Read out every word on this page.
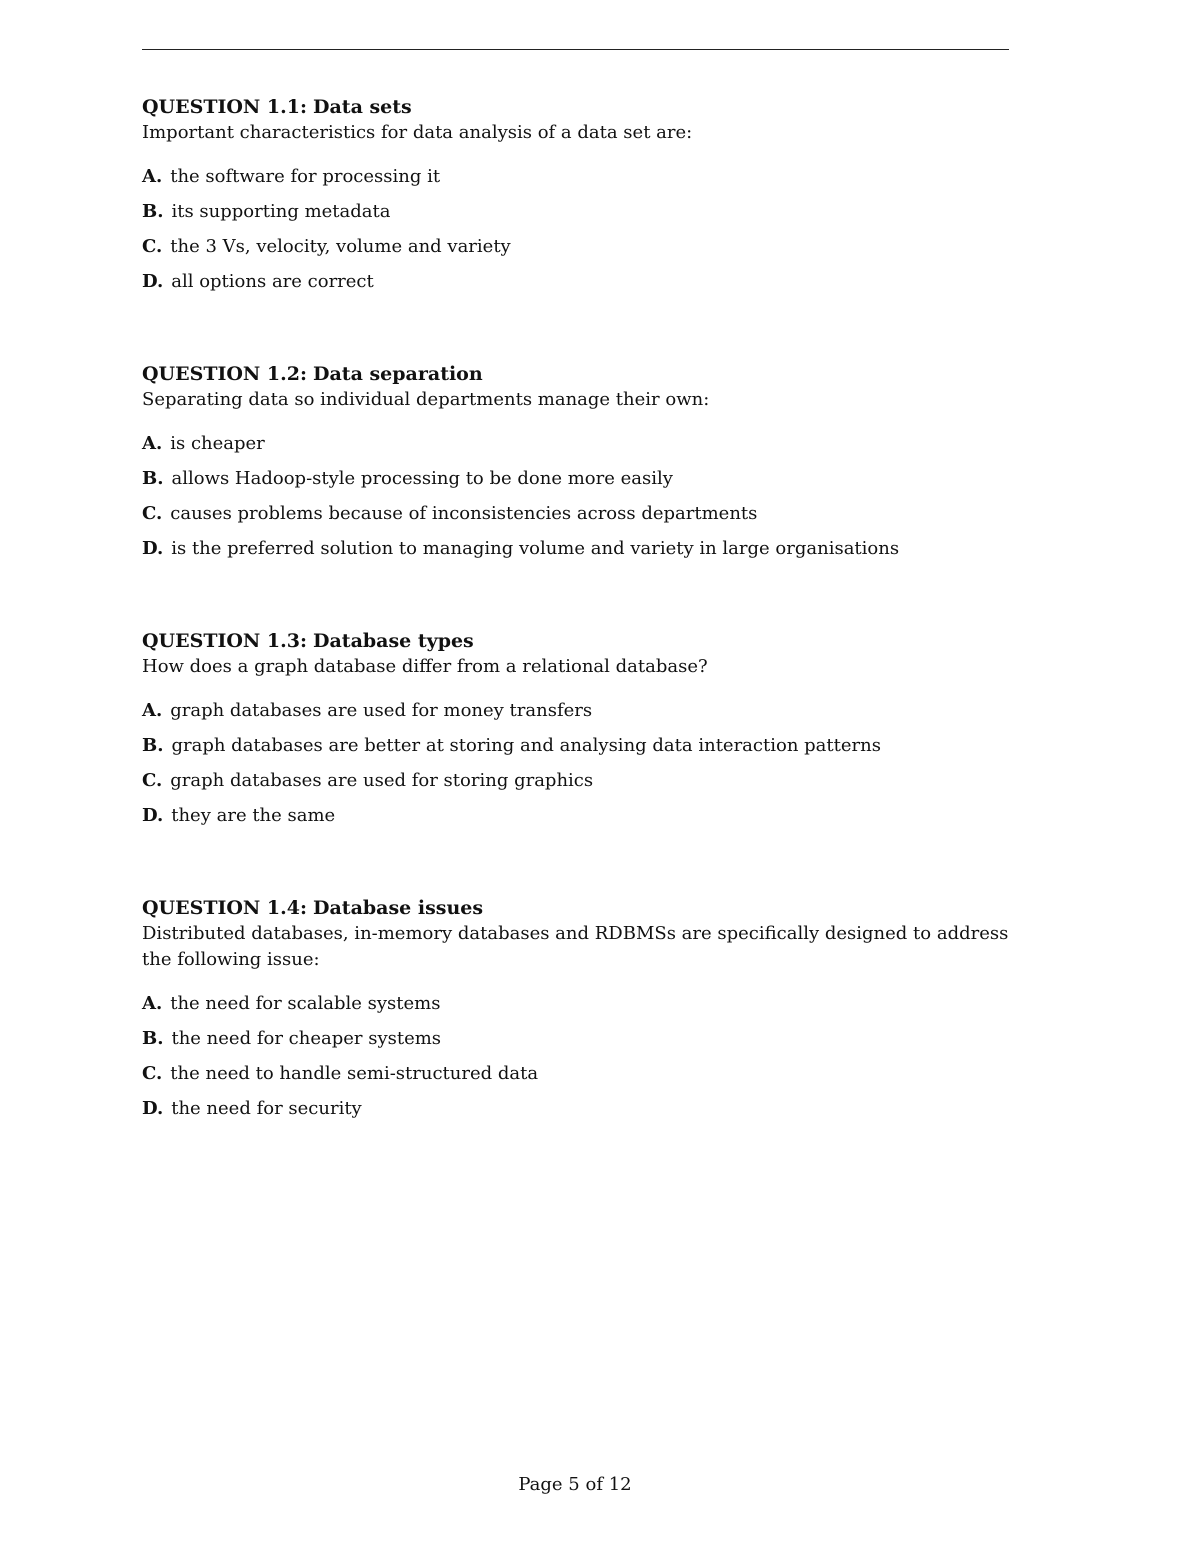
QUESTION 1.1: Data sets
Important characteristics for data analysis of a data set are:
A. the software for processing it
B. its supporting metadata
C. the 3 Vs, velocity, volume and variety
D. all options are correct
QUESTION 1.2: Data separation
Separating data so individual departments manage their own:
A. is cheaper
B. allows Hadoop-style processing to be done more easily
C. causes problems because of inconsistencies across departments
D. is the preferred solution to managing volume and variety in large organisations
QUESTION 1.3: Database types
How does a graph database differ from a relational database?
A. graph databases are used for money transfers
B. graph databases are better at storing and analysing data interaction patterns
C. graph databases are used for storing graphics
D. they are the same
QUESTION 1.4: Database issues
Distributed databases, in-memory databases and RDBMSs are specifically designed to address the following issue:
A. the need for scalable systems
B. the need for cheaper systems
C. the need to handle semi-structured data
D. the need for security
Page 5 of 12
